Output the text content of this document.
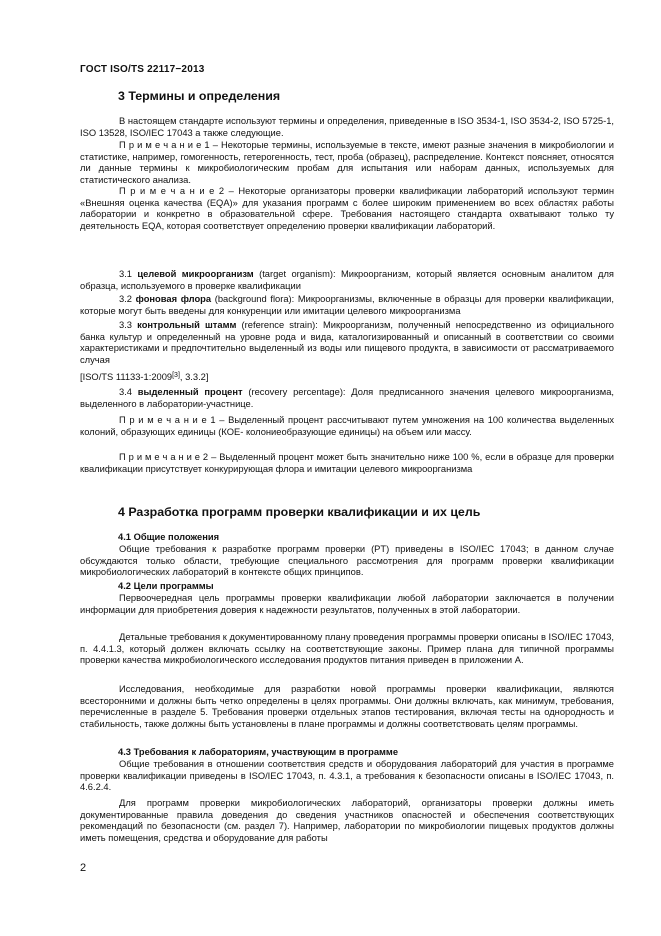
ГОСТ ISO/TS 22117−2013
3 Термины и определения
В настоящем стандарте используют термины и определения, приведенные в ISO 3534-1, ISO 3534-2, ISO 5725-1, ISO 13528, ISO/IEC 17043 а также следующие.
П р и м е ч а н и е 1 – Некоторые термины, используемые в тексте, имеют разные значения в микробиологии и статистике, например, гомогенность, гетерогенность, тест, проба (образец), распределение. Контекст поясняет, относятся ли данные термины к микробиологическим пробам для испытания или наборам данных, используемых для статистического анализа.
П р и м е ч а н и е 2 – Некоторые организаторы проверки квалификации лабораторий используют термин «Внешняя оценка качества (EQA)» для указания программ с более широким применением во всех областях работы лаборатории и конкретно в образовательной сфере. Требования настоящего стандарта охватывают только ту деятельность EQA, которая соответствует определению проверки квалификации лабораторий.
3.1 целевой микроорганизм (target organism): Микроорганизм, который является основным аналитом для образца, используемого в проверке квалификации
3.2 фоновая флора (background flora): Микроорганизмы, включенные в образцы для проверки квалификации, которые могут быть введены для конкуренции или имитации целевого микроорганизма
3.3 контрольный штамм (reference strain): Микроорганизм, полученный непосредственно из официального банка культур и определенный на уровне рода и вида, каталогизированный и описанный в соответствии со своими характеристиками и предпочтительно выделенный из воды или пищевого продукта, в зависимости от рассматриваемого случая
[ISO/TS 11133-1:2009[3], 3.3.2]
3.4 выделенный процент (recovery percentage): Доля предписанного значения целевого микроорганизма, выделенного в лаборатории-участнице.
П р и м е ч а н и е 1 – Выделенный процент рассчитывают путем умножения на 100 количества выделенных колоний, образующих единицы (КОЕ- колониеобразующие единицы) на объем или массу.
П р и м е ч а н и е 2 – Выделенный процент может быть значительно ниже 100 %, если в образце для проверки квалификации присутствует конкурирующая флора и имитации целевого микроорганизма
4 Разработка программ проверки квалификации и их цель
4.1 Общие положения
Общие требования к разработке программ проверки (PT) приведены в ISO/IEC 17043; в данном случае обсуждаются только области, требующие специального рассмотрения для программ проверки квалификации микробиологических лабораторий в контексте общих принципов.
4.2 Цели программы
Первоочередная цель программы проверки квалификации любой лаборатории заключается в получении информации для приобретения доверия к надежности результатов, полученных в этой лаборатории.
Детальные требования к документированному плану проведения программы проверки описаны в ISO/IEC 17043, п. 4.4.1.3, который должен включать ссылку на соответствующие законы. Пример плана для типичной программы проверки качества микробиологического исследования продуктов питания приведен в приложении А.
Исследования, необходимые для разработки новой программы проверки квалификации, являются всесторонними и должны быть четко определены в целях программы. Они должны включать, как минимум, требования, перечисленные в разделе 5. Требования проверки отдельных этапов тестирования, включая тесты на однородность и стабильность, также должны быть установлены в плане программы и должны соответствовать целям программы.
4.3 Требования к лабораториям, участвующим в программе
Общие требования в отношении соответствия средств и оборудования лабораторий для участия в программе проверки квалификации приведены в ISO/IEC 17043, п. 4.3.1, а требования к безопасности описаны в ISO/IEC 17043, п. 4.6.2.4.
Для программ проверки микробиологических лабораторий, организаторы проверки должны иметь документированные правила доведения до сведения участников опасностей и обеспечения соответствующих рекомендаций по безопасности (см. раздел 7). Например, лаборатории по микробиологии пищевых продуктов должны иметь помещения, средства и оборудование для работы
2
